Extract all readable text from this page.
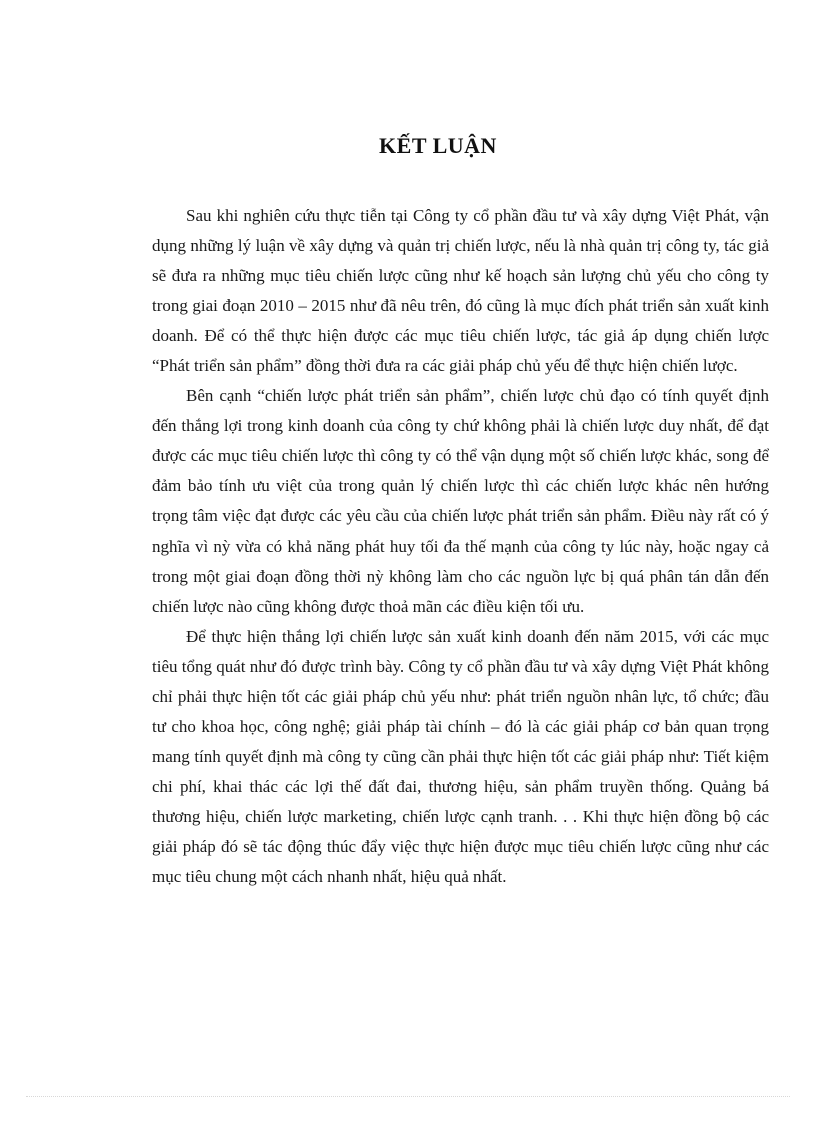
KẾT LUẬN

Sau khi nghiên cứu thực tiễn tại Công ty cổ phần đầu tư và xây dựng Việt Phát, vận dụng những lý luận về xây dựng và quản trị chiến lược, nếu là nhà quản trị công ty, tác giả sẽ đưa ra những mục tiêu chiến lược cũng như kế hoạch sản lượng chủ yếu cho công ty trong giai đoạn 2010 – 2015 như đã nêu trên, đó cũng là mục đích phát triển sản xuất kinh doanh. Để có thể thực hiện được các mục tiêu chiến lược, tác giả áp dụng chiến lược “Phát triển sản phẩm” đồng thời đưa ra các giải pháp chủ yếu để thực hiện chiến lược.

Bên cạnh “chiến lược phát triển sản phẩm”, chiến lược chủ đạo có tính quyết định đến thắng lợi trong kinh doanh của công ty chứ không phải là chiến lược duy nhất, để đạt được các mục tiêu chiến lược thì công ty có thể vận dụng một số chiến lược khác, song để đảm bảo tính ưu việt của trong quản lý chiến lược thì các chiến lược khác nên hướng trọng tâm việc đạt được các yêu cầu của chiến lược phát triển sản phẩm. Điều này rất có ý nghĩa vì nỳ vừa có khả năng phát huy tối đa thế mạnh của công ty lúc này, hoặc ngay cả trong một giai đoạn đồng thời nỳ không làm cho các nguồn lực bị quá phân tán dẫn đến chiến lược nào cũng không được thoả mãn các điều kiện tối ưu.

Để thực hiện thắng lợi chiến lược sản xuất kinh doanh đến năm 2015, với các mục tiêu tổng quát như đó được trình bày. Công ty cổ phần đầu tư và xây dựng Việt Phát không chỉ phải thực hiện tốt các giải pháp chủ yếu như: phát triển nguồn nhân lực, tổ chức; đầu tư cho khoa học, công nghệ; giải pháp tài chính – đó là các giải pháp cơ bản quan trọng mang tính quyết định mà công ty cũng cần phải thực hiện tốt các giải pháp như: Tiết kiệm chi phí, khai thác các lợi thế đất đai, thương hiệu, sản phẩm truyền thống. Quảng bá thương hiệu, chiến lược marketing, chiến lược cạnh tranh. . . Khi thực hiện đồng bộ các giải pháp đó sẽ tác động thúc đẩy việc thực hiện được mục tiêu chiến lược cũng như các mục tiêu chung một cách nhanh nhất, hiệu quả nhất.
